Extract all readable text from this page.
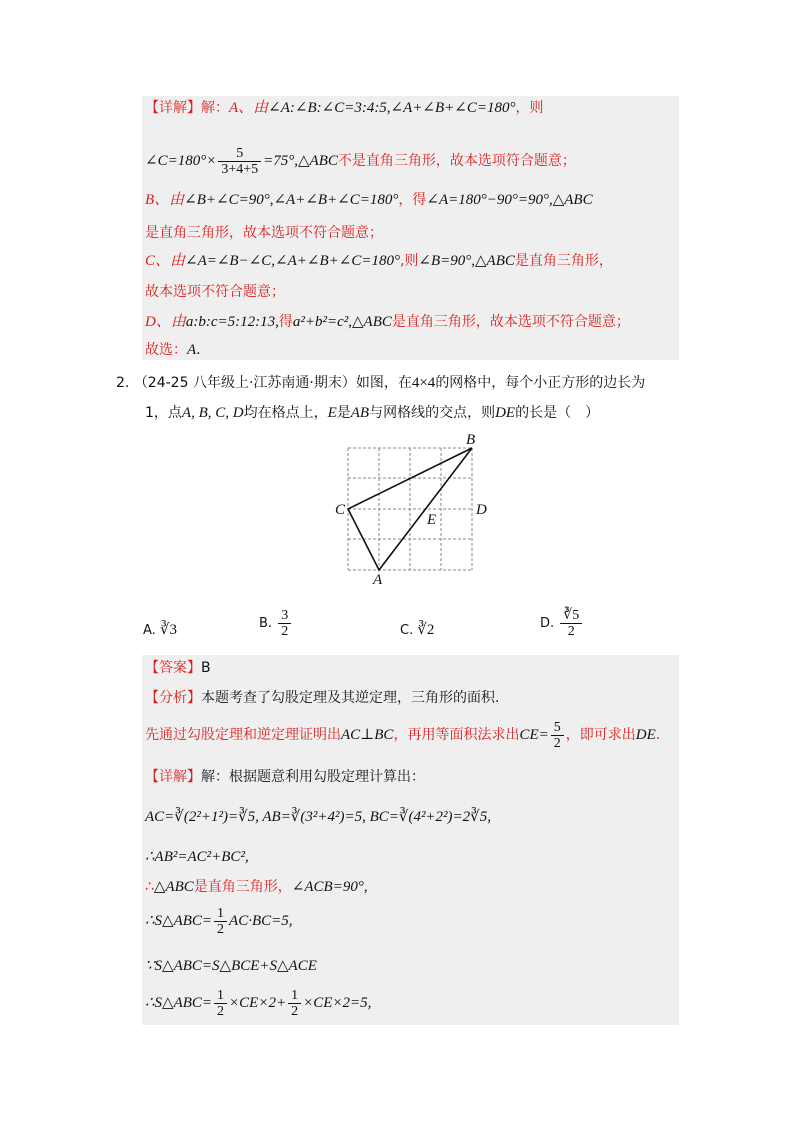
【详解】解：A、由∠A:∠B:∠C=3:4:5,∠A+∠B+∠C=180°，则
∠C=180°× $\frac{5}{3+4+5}$ =75°,△ABC不是直角三角形，故本选项符合题意；
B、由∠B+∠C=90°,∠A+∠B+∠C=180°，得∠A=180°−90°=90°,△ABC
是直角三角形，故本选项不符合题意；
C、由∠A=∠B−∠C,∠A+∠B+∠C=180°,则∠B=90°,△ABC是直角三角形，
故本选项不符合题意；
D、由a:b:c=5:12:13,得a²+b²=c²,△ABC是直角三角形，故本选项不符合题意；
故选：A.
2. （24-25 八年级上·江苏南通·期末）如图，在4×4的网格中，每个小正方形的边长为
1，点A, B, C, D均在格点上，E是AB与网格线的交点，则DE的长是（　）
B
C	D
E
A
A. ∛3	B. $\frac{3}{2}$	C. ∛2	D. $\frac{∛5}{2}$
【答案】B
【分析】本题考查了勾股定理及其逆定理，三角形的面积.
先通过勾股定理和逆定理证明出AC⊥BC，再用等面积法求出$CE= \frac{5}{2}$ ，即可求出DE.
【详解】解：根据题意利用勾股定理计算出：
AC=∛(2²+1²)=∛5, AB=∛(3²+4²)=5, BC=∛(4²+2²)=2∛5,
∴AB²=AC²+BC²,
∴△ABC是直角三角形，∠ACB=90°,
∴S△ABC= $\frac{1}{2} AC\cdot BC=5$,
∵S△ABC=S△BCE+S△ACE
∴S△ABC= $\frac{1}{2} \times CE\times 2+ \frac{1}{2} \times CE\times 2=5$,
